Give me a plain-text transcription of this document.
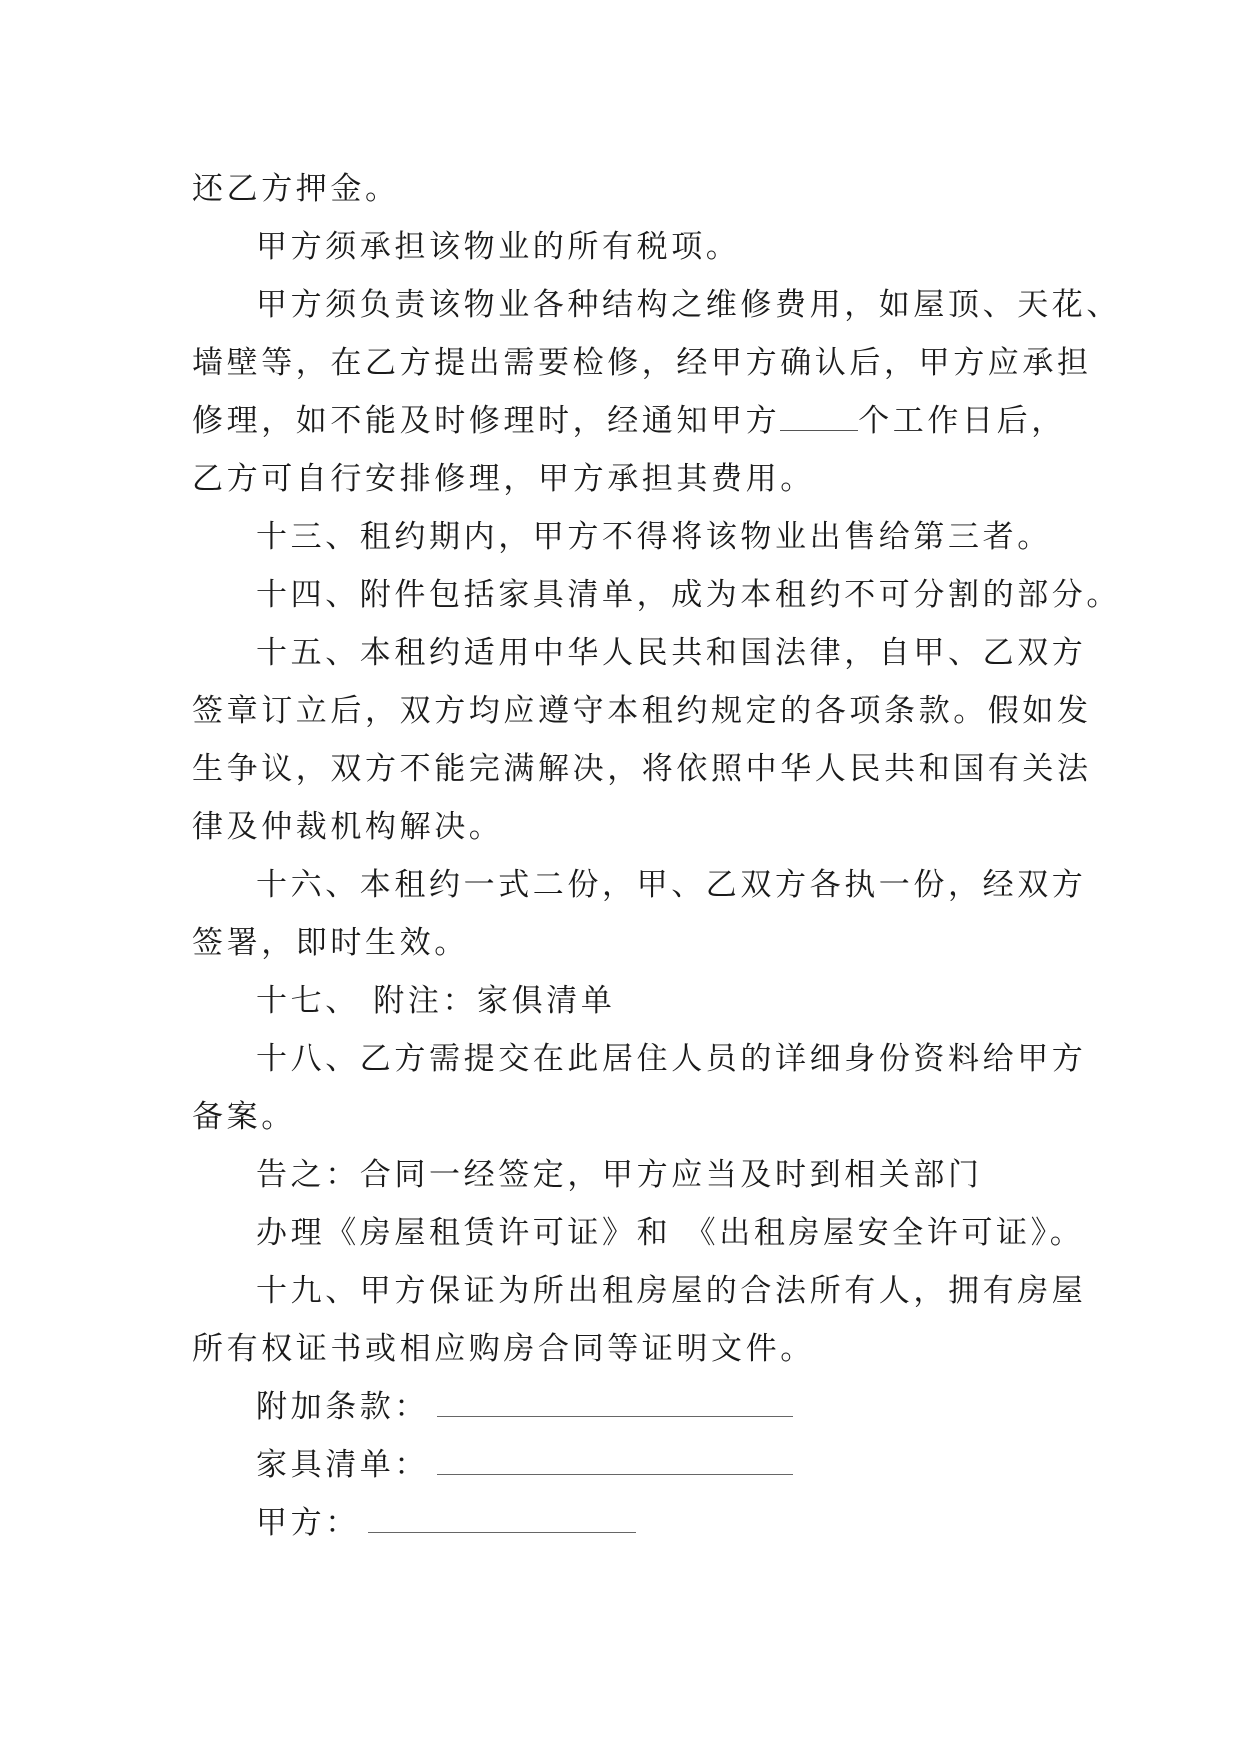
还乙方押金。
甲方须承担该物业的所有税项。
甲方须负责该物业各种结构之维修费用，如屋顶、天花、
墙壁等，在乙方提出需要检修，经甲方确认后，甲方应承担
修理，如不能及时修理时，经通知甲方	个工作日后，
乙方可自行安排修理，甲方承担其费用。
十三、租约期内，甲方不得将该物业出售给第三者。
十四、附件包括家具清单，成为本租约不可分割的部分。
十五、本租约适用中华人民共和国法律，自甲、乙双方
签章订立后，双方均应遵守本租约规定的各项条款。假如发
生争议，双方不能完满解决，将依照中华人民共和国有关法
律及仲裁机构解决。
十六、本租约一式二份，甲、乙双方各执一份，经双方
签署，即时生效。
十七、 附注：家俱清单
十八、乙方需提交在此居住人员的详细身份资料给甲方
备案。
告之：合同一经签定，甲方应当及时到相关部门
办理《房屋租赁许可证》和 《出租房屋安全许可证》。
十九、甲方保证为所出租房屋的合法所有人，拥有房屋
所有权证书或相应购房合同等证明文件。
附加条款：
家具清单：
甲方：
